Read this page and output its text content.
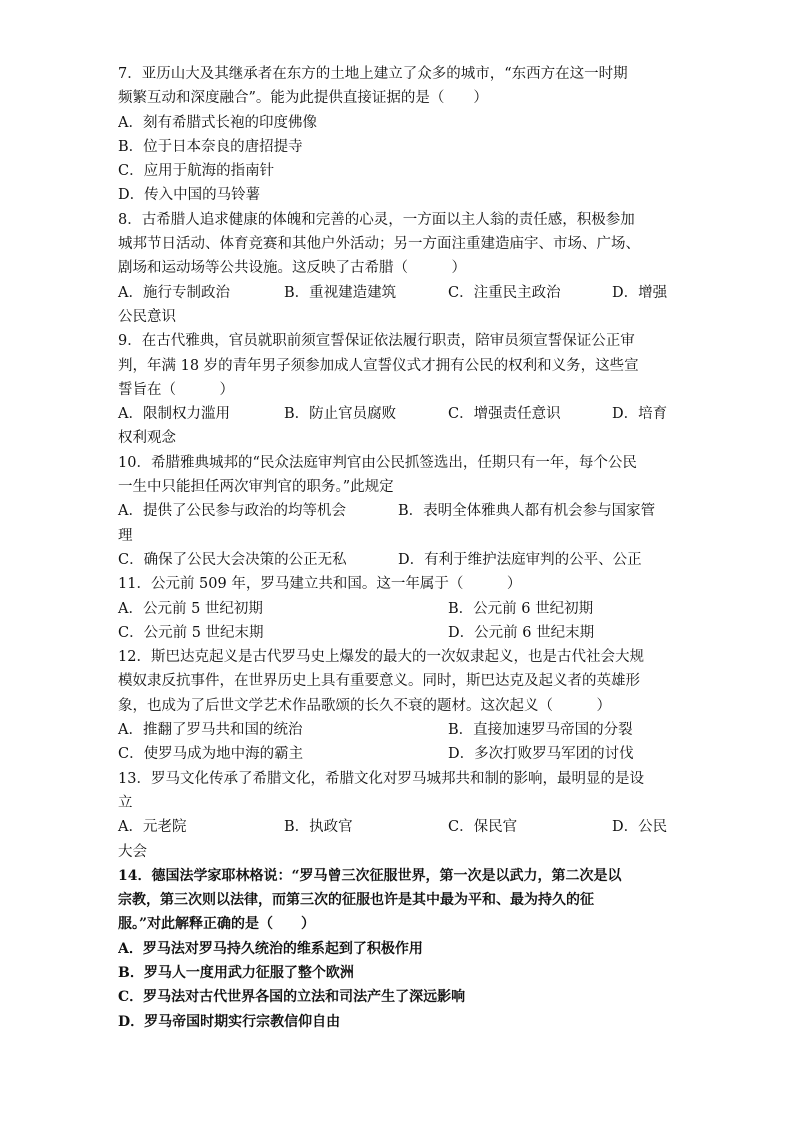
7．亚历山大及其继承者在东方的土地上建立了众多的城市，“东西方在这一时期
频繁互动和深度融合”。能为此提供直接证据的是（　　）
A．刻有希腊式长袍的印度佛像
B．位于日本奈良的唐招提寺
C．应用于航海的指南针
D．传入中国的马铃薯
8．古希腊人追求健康的体魄和完善的心灵，一方面以主人翁的责任感，积极参加
城邦节日活动、体育竞赛和其他户外活动；另一方面注重建造庙宇、市场、广场、
剧场和运动场等公共设施。这反映了古希腊（　　　）
A．施行专制政治	B．重视建造建筑	C．注重民主政治	D．增强
公民意识
9．在古代雅典，官员就职前须宣誓保证依法履行职责，陪审员须宣誓保证公正审
判，年满 18 岁的青年男子须参加成人宣誓仪式才拥有公民的权利和义务，这些宣
誓旨在（　　　）
A．限制权力滥用	B．防止官员腐败	C．增强责任意识	D．培育
权利观念
10．希腊雅典城邦的“民众法庭审判官由公民抓签选出，任期只有一年，每个公民
一生中只能担任两次审判官的职务。”此规定
A．提供了公民参与政治的均等机会	B．表明全体雅典人都有机会参与国家管
理
C．确保了公民大会决策的公正无私	D．有利于维护法庭审判的公平、公正
11．公元前 509 年，罗马建立共和国。这一年属于（　　　）
A．公元前 5 世纪初期	B．公元前 6 世纪初期
C．公元前 5 世纪末期	D．公元前 6 世纪末期
12．斯巴达克起义是古代罗马史上爆发的最大的一次奴隶起义，也是古代社会大规
模奴隶反抗事件，在世界历史上具有重要意义。同时，斯巴达克及起义者的英雄形
象，也成为了后世文学艺术作品歌颂的长久不衰的题材。这次起义（　　　）
A．推翻了罗马共和国的统治	B．直接加速罗马帝国的分裂
C．使罗马成为地中海的霸主	D．多次打败罗马军团的讨伐
13．罗马文化传承了希腊文化，希腊文化对罗马城邦共和制的影响，最明显的是设
立
A．元老院	B．执政官	C．保民官	D．公民
大会
14．德国法学家耶林格说：“罗马曾三次征服世界，第一次是以武力，第二次是以
宗教，第三次则以法律，而第三次的征服也许是其中最为平和、最为持久的征
服。”对此解释正确的是（　　）
A．罗马法对罗马持久统治的维系起到了积极作用
B．罗马人一度用武力征服了整个欧洲
C．罗马法对古代世界各国的立法和司法产生了深远影响
D．罗马帝国时期实行宗教信仰自由
